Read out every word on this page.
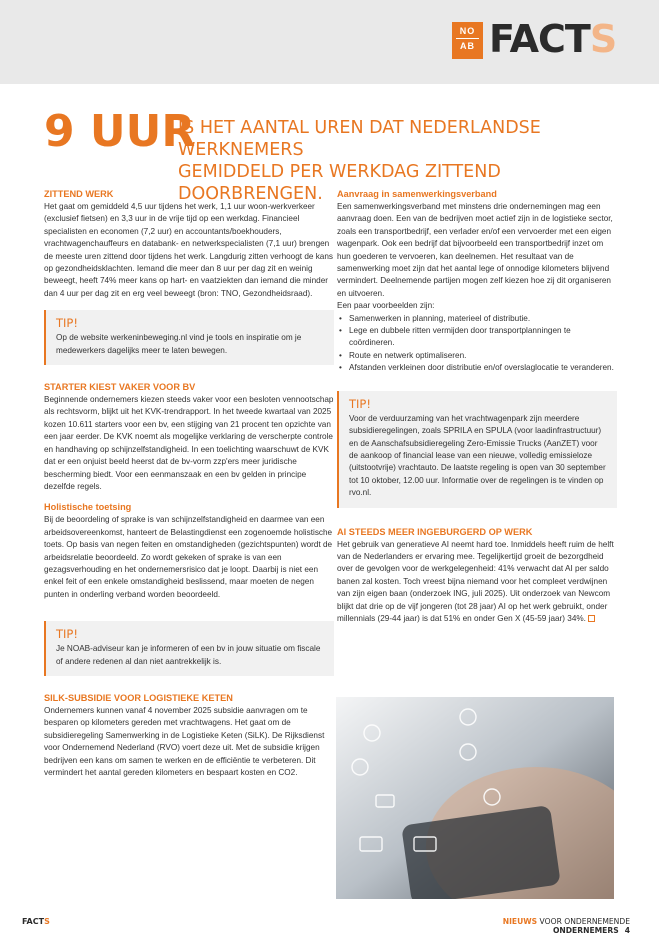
NO
AB FACTS
9 UUR
IS HET AANTAL UREN DAT NEDERLANDSE WERKNEMERS
GEMIDDELD PER WERKDAG ZITTEND DOORBRENGEN.

ZITTEND WERK

Het gaat om gemiddeld 4,5 uur tijdens het werk, 1,1 uur woon-werkverkeer (exclusief fietsen) en 3,3 uur in de vrije tijd op een werkdag. Financieel specialisten en economen (7,2 uur) en accountants/boekhouders, vrachtwagenchauffeurs en databank- en netwerkspecialisten (7,1 uur) brengen de meeste uren zittend door tijdens het werk. Langdurig zitten verhoogt de kans op gezondheidsklachten. Iemand die meer dan 8 uur per dag zit en weinig beweegt, heeft 74% meer kans op hart- en vaatziekten dan iemand die minder dan 4 uur per dag zit en erg veel beweegt (bron: TNO, Gezondheidsraad).

TIP!

Op de website werkeninbeweging.nl vind je tools en inspiratie om je medewerkers dagelijks meer te laten bewegen.

STARTER KIEST VAKER VOOR BV

Beginnende ondernemers kiezen steeds vaker voor een besloten vennootschap als rechtsvorm, blijkt uit het KVK-trendrapport. In het tweede kwartaal van 2025 kozen 10.611 starters voor een bv, een stijging van 21 procent ten opzichte van een jaar eerder. De KVK noemt als mogelijke verklaring de verscherpte controle en handhaving op schijnzelfstandigheid. In een toelichting waarschuwt de KVK dat er een onjuist beeld heerst dat de bv-vorm zzp'ers meer juridische bescherming biedt. Voor een eenmanszaak en een bv gelden in principe dezelfde regels.

Holistische toetsing

Bij de beoordeling of sprake is van schijnzelfstandigheid en daarmee van een arbeidsovereenkomst, hanteert de Belastingdienst een zogenoemde holistische toets. Op basis van negen feiten en omstandigheden (gezichtspunten) wordt de arbeidsrelatie beoordeeld. Zo wordt gekeken of sprake is van een gezagsverhouding en het ondernemersrisico dat je loopt. Daarbij is niet een enkel feit of een enkele omstandigheid beslissend, maar moeten de negen punten in onderling verband worden beoordeeld.

TIP!

Je NOAB-adviseur kan je informeren of een bv in jouw situatie om fiscale of andere redenen al dan niet aantrekkelijk is.

SILK-SUBSIDIE VOOR LOGISTIEKE KETEN

Ondernemers kunnen vanaf 4 november 2025 subsidie aanvragen om te besparen op kilometers gereden met vrachtwagens. Het gaat om de subsidieregeling Samenwerking in de Logistieke Keten (SiLK). De Rijksdienst voor Ondernemend Nederland (RVO) voert deze uit. Met de subsidie krijgen bedrijven een kans om samen te werken en de efficiëntie te verbeteren. Dit vermindert het aantal gereden kilometers en bespaart kosten en CO2.

Aanvraag in samenwerkingsverband

Een samenwerkingsverband met minstens drie ondernemingen mag een aanvraag doen. Een van de bedrijven moet actief zijn in de logistieke sector, zoals een transportbedrijf, een verlader en/of een vervoerder met een eigen wagenpark. Ook een bedrijf dat bijvoorbeeld een transportbedrijf inzet om hun goederen te vervoeren, kan deelnemen. Het resultaat van de samenwerking moet zijn dat het aantal lege of onnodige kilometers blijvend vermindert. Deelnemende partijen mogen zelf kiezen hoe zij dit organiseren en uitvoeren.

Een paar voorbeelden zijn:

• Samenwerken in planning, materieel of distributie.
• Lege en dubbele ritten vermijden door transportplanningen te coördineren.
• Route en netwerk optimaliseren.
• Afstanden verkleinen door distributie en/of overslaglocatie te veranderen.
TIP!

Voor de verduurzaming van het vrachtwagenpark zijn meerdere subsidieregelingen, zoals SPRILA en SPULA (voor laadinfrastructuur) en de Aanschafsubsidieregeling Zero-Emissie Trucks (AanZET) voor de aankoop of financial lease van een nieuwe, volledig emissieloze (uitstootvrije) vrachtauto. De laatste regeling is open van 30 september tot 10 oktober, 12.00 uur. Informatie over de regelingen is te vinden op rvo.nl.

AI STEEDS MEER INGEBURGERD OP WERK

Het gebruik van generatieve AI neemt hard toe. Inmiddels heeft ruim de helft van de Nederlanders er ervaring mee. Tegelijkertijd groeit de bezorgdheid over de gevolgen voor de werkgelegenheid: 41% verwacht dat AI per saldo banen zal kosten. Toch vreest bijna niemand voor het compleet verdwijnen van zijn eigen baan (onderzoek ING, juli 2025). Uit onderzoek van Newcom blijkt dat drie op de vijf jongeren (tot 28 jaar) AI op het werk gebruikt, onder millennials (29-44 jaar) is dat 51% en onder Gen X (45-59 jaar) 34%.

FACTS	NIEUWS VOOR ONDERNEMENDE ONDERNEMERS 4
